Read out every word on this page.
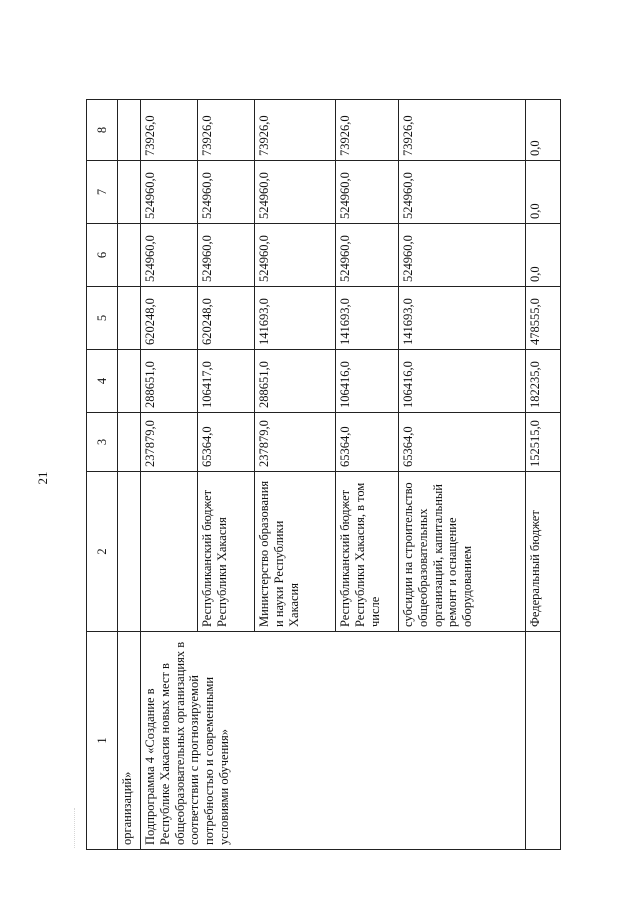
21
1	2	3	4	5	6	7	8
организаций»							
Подпрограмма 4 «Создание в Республике Хакасия новых мест в общеобразовательных организациях в соответствии с прогнозируемой потребностью и современными условиями обучения»		237879,0	288651,0	620248,0	524960,0	524960,0	73926,0
	Республиканский бюджет Республики Хакасия	65364,0	106417,0	620248,0	524960,0	524960,0	73926,0
	Министерство образования и науки Республики Хакасия	237879,0	288651,0	141693,0	524960,0	524960,0	73926,0
	Республиканский бюджет Республики Хакасия, в том числе	65364,0	106416,0	141693,0	524960,0	524960,0	73926,0
	субсидии на строительство общеобразовательных организаций, капитальный ремонт и оснащение оборудованием	65364,0	106416,0	141693,0	524960,0	524960,0	73926,0
	Федеральный бюджет	152515,0	182235,0	478555,0	0,0	0,0	0,0
